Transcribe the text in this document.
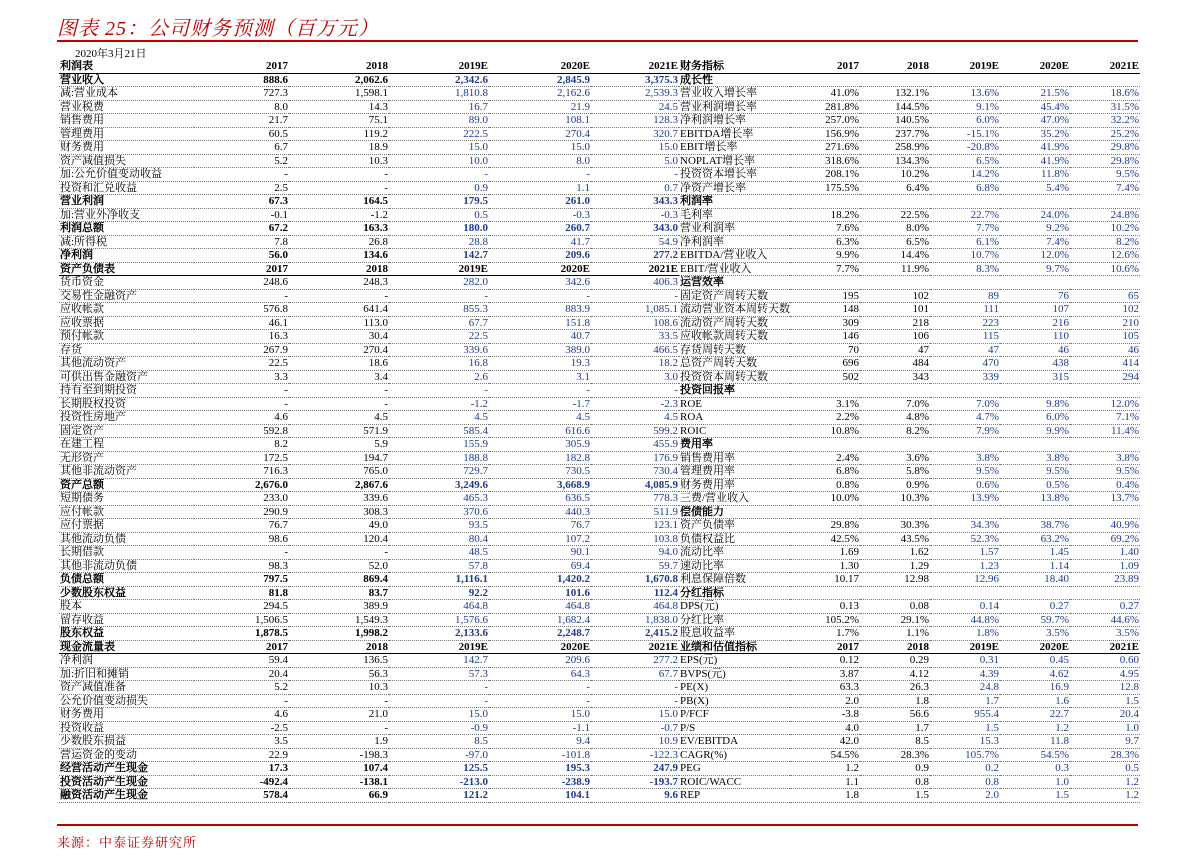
图表 25：公司财务预测（百万元）
2020年3月21日
利润表	2017	2018	2019E	2020E	2021E
营业收入	888.6	2,062.6	2,342.6	2,845.9	3,375.3
减:营业成本	727.3	1,598.1	1,810.8	2,162.6	2,539.3
营业税费	8.0	14.3	16.7	21.9	24.5
销售费用	21.7	75.1	89.0	108.1	128.3
管理费用	60.5	119.2	222.5	270.4	320.7
财务费用	6.7	18.9	15.0	15.0	15.0
资产减值损失	5.2	10.3	10.0	8.0	5.0
加:公允价值变动收益	-	-	-	-	-
投资和汇兑收益	2.5	-	0.9	1.1	0.7
营业利润	67.3	164.5	179.5	261.0	343.3
加:营业外净收支	-0.1	-1.2	0.5	-0.3	-0.3
利润总额	67.2	163.3	180.0	260.7	343.0
减:所得税	7.8	26.8	28.8	41.7	54.9
净利润	56.0	134.6	142.7	209.6	277.2
资产负债表	2017	2018	2019E	2020E	2021E
货币资金	248.6	248.3	282.0	342.6	406.3
交易性金融资产	-	-	-	-	-
应收帐款	576.8	641.4	855.3	883.9	1,085.1
应收票据	46.1	113.0	67.7	151.8	108.6
预付帐款	16.3	30.4	22.5	40.7	33.5
存货	267.9	270.4	339.6	389.0	466.5
其他流动资产	22.5	18.6	16.8	19.3	18.2
可供出售金融资产	3.3	3.4	2.6	3.1	3.0
持有至到期投资	-	-	-	-	-
长期股权投资	-	-	-1.2	-1.7	-2.3
投资性房地产	4.6	4.5	4.5	4.5	4.5
固定资产	592.8	571.9	585.4	616.6	599.2
在建工程	8.2	5.9	155.9	305.9	455.9
无形资产	172.5	194.7	188.8	182.8	176.9
其他非流动资产	716.3	765.0	729.7	730.5	730.4
资产总额	2,676.0	2,867.6	3,249.6	3,668.9	4,085.9
短期债务	233.0	339.6	465.3	636.5	778.3
应付帐款	290.9	308.3	370.6	440.3	511.9
应付票据	76.7	49.0	93.5	76.7	123.1
其他流动负债	98.6	120.4	80.4	107.2	103.8
长期借款	-	-	48.5	90.1	94.0
其他非流动负债	98.3	52.0	57.8	69.4	59.7
负债总额	797.5	869.4	1,116.1	1,420.2	1,670.8
少数股东权益	81.8	83.7	92.2	101.6	112.4
股本	294.5	389.9	464.8	464.8	464.8
留存收益	1,506.5	1,549.3	1,576.6	1,682.4	1,838.0
股东权益	1,878.5	1,998.2	2,133.6	2,248.7	2,415.2
现金流量表	2017	2018	2019E	2020E	2021E
净利润	59.4	136.5	142.7	209.6	277.2
加:折旧和摊销	20.4	56.3	57.3	64.3	67.7
资产减值准备	5.2	10.3	-	-	-
公允价值变动损失	-	-	-	-	-
财务费用	4.6	21.0	15.0	15.0	15.0
投资收益	-2.5	-	-0.9	-1.1	-0.7
少数股东损益	3.5	1.9	8.5	9.4	10.9
营运资金的变动	22.9	-198.3	-97.0	-101.8	-122.3
经营活动产生现金	17.3	107.4	125.5	195.3	247.9
投资活动产生现金	-492.4	-138.1	-213.0	-238.9	-193.7
融资活动产生现金	578.4	66.9	121.2	104.1	9.6
财务指标	2017	2018	2019E	2020E	2021E
成长性					
营业收入增长率	41.0%	132.1%	13.6%	21.5%	18.6%
营业利润增长率	281.8%	144.5%	9.1%	45.4%	31.5%
净利润增长率	257.0%	140.5%	6.0%	47.0%	32.2%
EBITDA增长率	156.9%	237.7%	-15.1%	35.2%	25.2%
EBIT增长率	271.6%	258.9%	-20.8%	41.9%	29.8%
NOPLAT增长率	318.6%	134.3%	6.5%	41.9%	29.8%
投资资本增长率	208.1%	10.2%	14.2%	11.8%	9.5%
净资产增长率	175.5%	6.4%	6.8%	5.4%	7.4%
利润率					
毛利率	18.2%	22.5%	22.7%	24.0%	24.8%
营业利润率	7.6%	8.0%	7.7%	9.2%	10.2%
净利润率	6.3%	6.5%	6.1%	7.4%	8.2%
EBITDA/营业收入	9.9%	14.4%	10.7%	12.0%	12.6%
EBIT/营业收入	7.7%	11.9%	8.3%	9.7%	10.6%
运营效率					
固定资产周转天数	195	102	89	76	65
流动营业资本周转天数	148	101	111	107	102
流动资产周转天数	309	218	223	216	210
应收帐款周转天数	146	106	115	110	105
存货周转天数	70	47	47	46	46
总资产周转天数	696	484	470	438	414
投资资本周转天数	502	343	339	315	294
投资回报率					
ROE	3.1%	7.0%	7.0%	9.8%	12.0%
ROA	2.2%	4.8%	4.7%	6.0%	7.1%
ROIC	10.8%	8.2%	7.9%	9.9%	11.4%
费用率					
销售费用率	2.4%	3.6%	3.8%	3.8%	3.8%
管理费用率	6.8%	5.8%	9.5%	9.5%	9.5%
财务费用率	0.8%	0.9%	0.6%	0.5%	0.4%
三费/营业收入	10.0%	10.3%	13.9%	13.8%	13.7%
偿债能力					
资产负债率	29.8%	30.3%	34.3%	38.7%	40.9%
负债权益比	42.5%	43.5%	52.3%	63.2%	69.2%
流动比率	1.69	1.62	1.57	1.45	1.40
速动比率	1.30	1.29	1.23	1.14	1.09
利息保障倍数	10.17	12.98	12.96	18.40	23.89
分红指标					
DPS(元)	0.13	0.08	0.14	0.27	0.27
分红比率	105.2%	29.1%	44.8%	59.7%	44.6%
股息收益率	1.7%	1.1%	1.8%	3.5%	3.5%
业绩和估值指标	2017	2018	2019E	2020E	2021E
EPS(元)	0.12	0.29	0.31	0.45	0.60
BVPS(元)	3.87	4.12	4.39	4.62	4.95
PE(X)	63.3	26.3	24.8	16.9	12.8
PB(X)	2.0	1.8	1.7	1.6	1.5
P/FCF	-3.8	56.6	955.4	22.7	20.4
P/S	4.0	1.7	1.5	1.2	1.0
EV/EBITDA	42.0	8.5	15.3	11.8	9.7
CAGR(%)	54.5%	28.3%	105.7%	54.5%	28.3%
PEG	1.2	0.9	0.2	0.3	0.5
ROIC/WACC	1.1	0.8	0.8	1.0	1.2
REP	1.8	1.5	2.0	1.5	1.2
来源：中泰证券研究所
